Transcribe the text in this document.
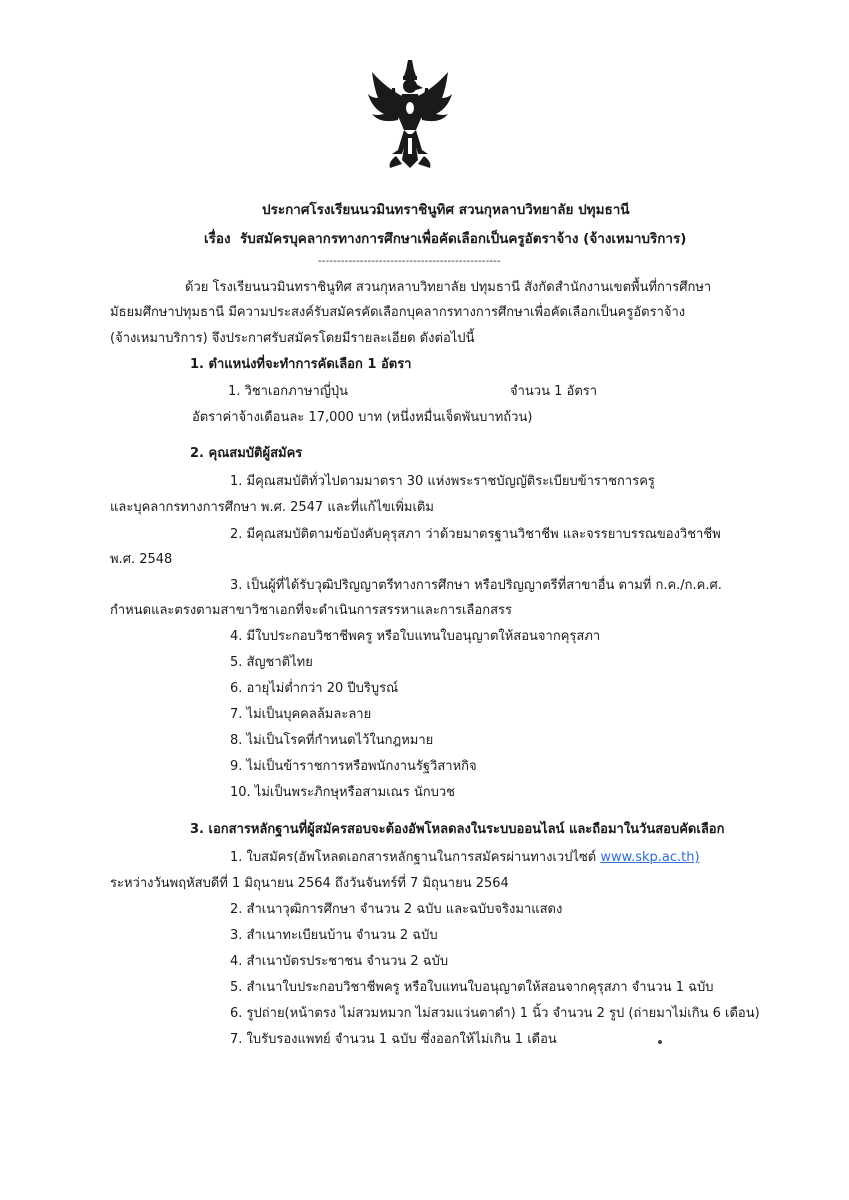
ประกาศโรงเรียนนวมินทราชินูทิศ สวนกุหลาบวิทยาลัย ปทุมธานี
เรื่อง รับสมัครบุคลากรทางการศึกษาเพื่อคัดเลือกเป็นครูอัตราจ้าง (จ้างเหมาบริการ)
------------------------------------------------
ด้วย โรงเรียนนวมินทราชินูทิศ สวนกุหลาบวิทยาลัย ปทุมธานี สังกัดสำนักงานเขตพื้นที่การศึกษา
มัธยมศึกษาปทุมธานี มีความประสงค์รับสมัครคัดเลือกบุคลากรทางการศึกษาเพื่อคัดเลือกเป็นครูอัตราจ้าง
(จ้างเหมาบริการ) จึงประกาศรับสมัครโดยมีรายละเอียด ดังต่อไปนี้
1. ตำแหน่งที่จะทำการคัดเลือก 1 อัตรา
1. วิชาเอกภาษาญี่ปุ่น	จำนวน 1 อัตรา
อัตราค่าจ้างเดือนละ 17,000 บาท (หนึ่งหมื่นเจ็ดพันบาทถ้วน)
2. คุณสมบัติผู้สมัคร
1. มีคุณสมบัติทั่วไปตามมาตรา 30 แห่งพระราชบัญญัติระเบียบข้าราชการครู
และบุคลากรทางการศึกษา พ.ศ. 2547 และที่แก้ไขเพิ่มเติม
2. มีคุณสมบัติตามข้อบังคับคุรุสภา ว่าด้วยมาตรฐานวิชาชีพ และจรรยาบรรณของวิชาชีพ
พ.ศ. 2548
3. เป็นผู้ที่ได้รับวุฒิปริญญาตรีทางการศึกษา หรือปริญญาตรีที่สาขาอื่น ตามที่ ก.ค./ก.ค.ศ.
กำหนดและตรงตามสาขาวิชาเอกที่จะดำเนินการสรรหาและการเลือกสรร
4. มีใบประกอบวิชาชีพครู หรือใบแทนใบอนุญาตให้สอนจากคุรุสภา
5. สัญชาติไทย
6. อายุไม่ต่ำกว่า 20 ปีบริบูรณ์
7. ไม่เป็นบุคคลล้มละลาย
8. ไม่เป็นโรคที่กำหนดไว้ในกฎหมาย
9. ไม่เป็นข้าราชการหรือพนักงานรัฐวิสาหกิจ
10. ไม่เป็นพระภิกษุหรือสามเณร นักบวช
3. เอกสารหลักฐานที่ผู้สมัครสอบจะต้องอัพโหลดลงในระบบออนไลน์ และถือมาในวันสอบคัดเลือก
1. ใบสมัคร(อัพโหลดเอกสารหลักฐานในการสมัครผ่านทางเวปไซต์ www.skp.ac.th)
ระหว่างวันพฤหัสบดีที่ 1 มิถุนายน 2564 ถึงวันจันทร์ที่ 7 มิถุนายน 2564
2. สำเนาวุฒิการศึกษา จำนวน 2 ฉบับ และฉบับจริงมาแสดง
3. สำเนาทะเบียนบ้าน จำนวน 2 ฉบับ
4. สำเนาบัตรประชาชน จำนวน 2 ฉบับ
5. สำเนาใบประกอบวิชาชีพครู หรือใบแทนใบอนุญาตให้สอนจากคุรุสภา จำนวน 1 ฉบับ
6. รูปถ่าย(หน้าตรง ไม่สวมหมวก ไม่สวมแว่นตาดำ) 1 นิ้ว จำนวน 2 รูป (ถ่ายมาไม่เกิน 6 เดือน)
7. ใบรับรองแพทย์ จำนวน 1 ฉบับ ซึ่งออกให้ไม่เกิน 1 เดือน
